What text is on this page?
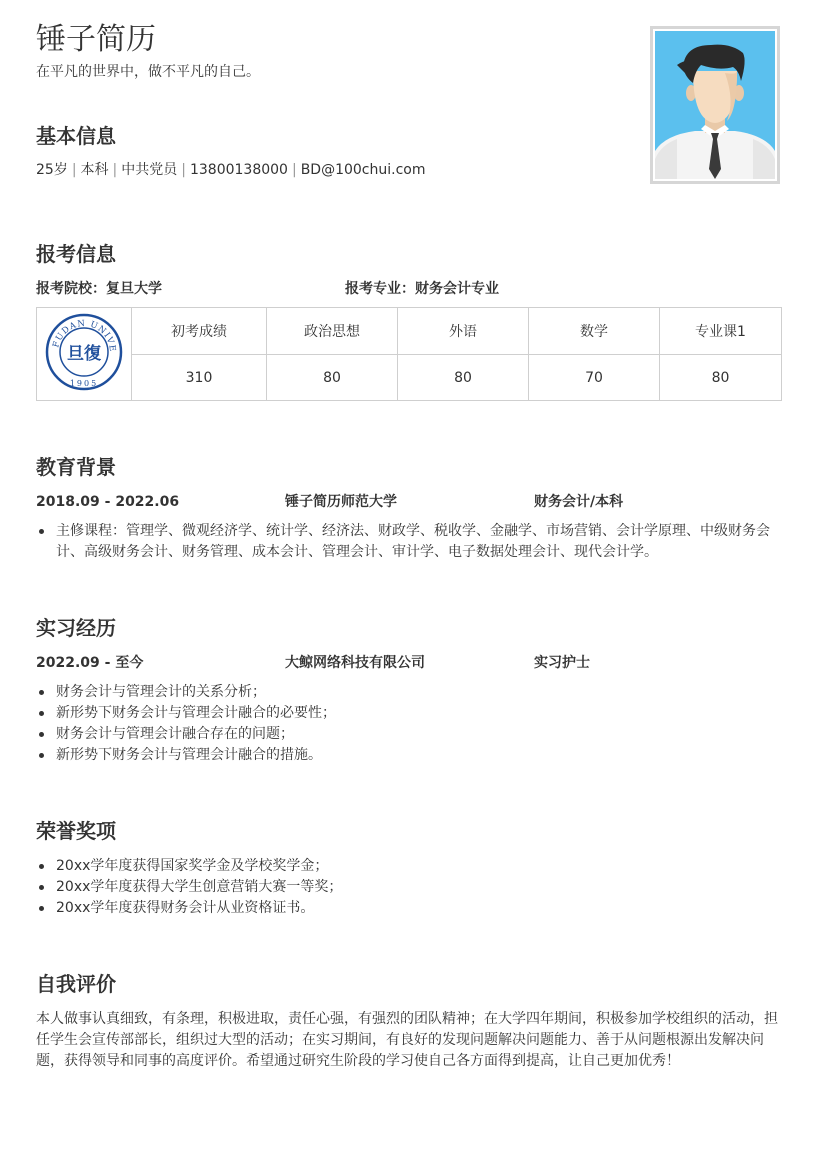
锤子简历
在平凡的世界中，做不平凡的自己。
基本信息
25岁 | 本科 | 中共党员 | 13800138000 | BD@100chui.com
报考信息
报考院校：复旦大学	报考专业：财务会计专业
FUDAN UNIVE
旦復
1905	初考成绩	政治思想	外语	数学	专业课1
	310	80	80	70	80
教育背景
2018.09 - 2022.06	锤子简历师范大学	财务会计/本科
主修课程：管理学、微观经济学、统计学、经济法、财政学、税收学、金融学、市场营销、会计学原理、中级财务会计、高级财务会计、财务管理、成本会计、管理会计、审计学、电子数据处理会计、现代会计学。
实习经历
2022.09 - 至今	大鲸网络科技有限公司	实习护士
财务会计与管理会计的关系分析；
新形势下财务会计与管理会计融合的必要性；
财务会计与管理会计融合存在的问题；
新形势下财务会计与管理会计融合的措施。
荣誉奖项
20xx学年度获得国家奖学金及学校奖学金；
20xx学年度获得大学生创意营销大赛一等奖；
20xx学年度获得财务会计从业资格证书。
自我评价
本人做事认真细致，有条理，积极进取，责任心强，有强烈的团队精神；在大学四年期间，积极参加学校组织的活动，担任学生会宣传部部长，组织过大型的活动；在实习期间，有良好的发现问题解决问题能力、善于从问题根源出发解决问题，获得领导和同事的高度评价。希望通过研究生阶段的学习使自己各方面得到提高，让自己更加优秀！
